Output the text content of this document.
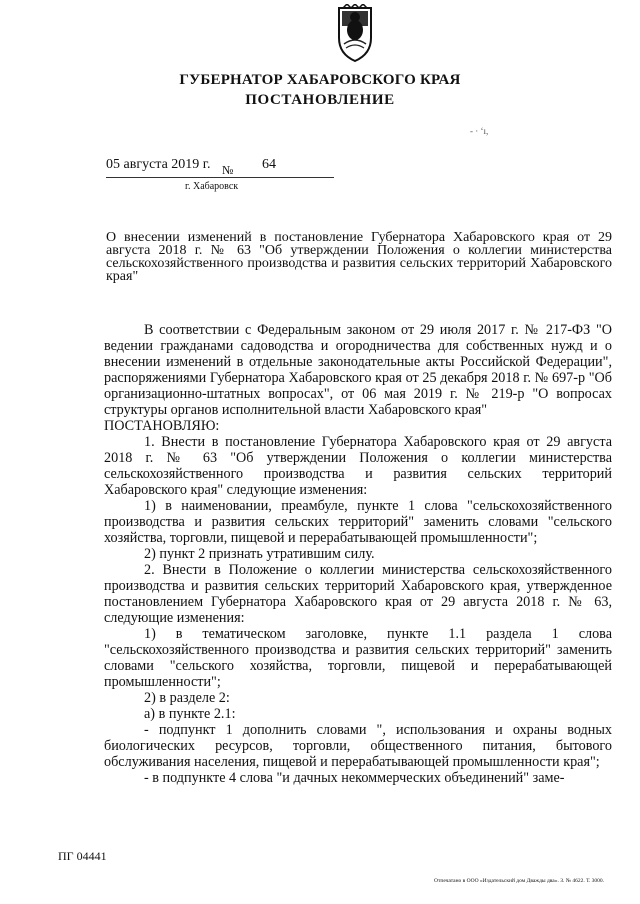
ГУБЕРНАТОР ХАБАРОВСКОГО КРАЯ
ПОСТАНОВЛЕНИЕ
- · ‘ı,
05 августа 2019 г. № 64
г. Хабаровск
О внесении изменений в постановление Губернатора Хабаровского края от 29 августа 2018 г. № 63 "Об утверждении Положения о коллегии министерства сельскохозяйственного производства и развития сельских территорий Хабаровского края"

В соответствии с Федеральным законом от 29 июля 2017 г. № 217-ФЗ "О ведении гражданами садоводства и огородничества для собственных нужд и о внесении изменений в отдельные законодательные акты Российской Федерации", распоряжениями Губернатора Хабаровского края от 25 декабря 2018 г. № 697-р "Об организационно-штатных вопросах", от 06 мая 2019 г. № 219-р "О вопросах структуры органов исполнительной власти Хабаровского края"

ПОСТАНОВЛЯЮ:

1. Внести в постановление Губернатора Хабаровского края от 29 августа 2018 г. № 63 "Об утверждении Положения о коллегии министерства сельскохозяйственного производства и развития сельских территорий Хабаровского края" следующие изменения:

1) в наименовании, преамбуле, пункте 1 слова "сельскохозяйственного производства и развития сельских территорий" заменить словами "сельского хозяйства, торговли, пищевой и перерабатывающей промышленности";

2) пункт 2 признать утратившим силу.

2. Внести в Положение о коллегии министерства сельскохозяйственного производства и развития сельских территорий Хабаровского края, утвержденное постановлением Губернатора Хабаровского края от 29 августа 2018 г. № 63, следующие изменения:

1) в тематическом заголовке, пункте 1.1 раздела 1 слова "сельскохозяйственного производства и развития сельских территорий" заменить словами "сельского хозяйства, торговли, пищевой и перерабатывающей промышленности";

2) в разделе 2:

а) в пункте 2.1:

- подпункт 1 дополнить словами ", использования и охраны водных биологических ресурсов, торговли, общественного питания, бытового обслуживания населения, пищевой и перерабатывающей промышленности края";

- в подпункте 4 слова "и дачных некоммерческих объединений" заме-

ПГ 04441
Отпечатано в ООО «Издательский дом Дважды два». З. № 4622. Т. 3000.
